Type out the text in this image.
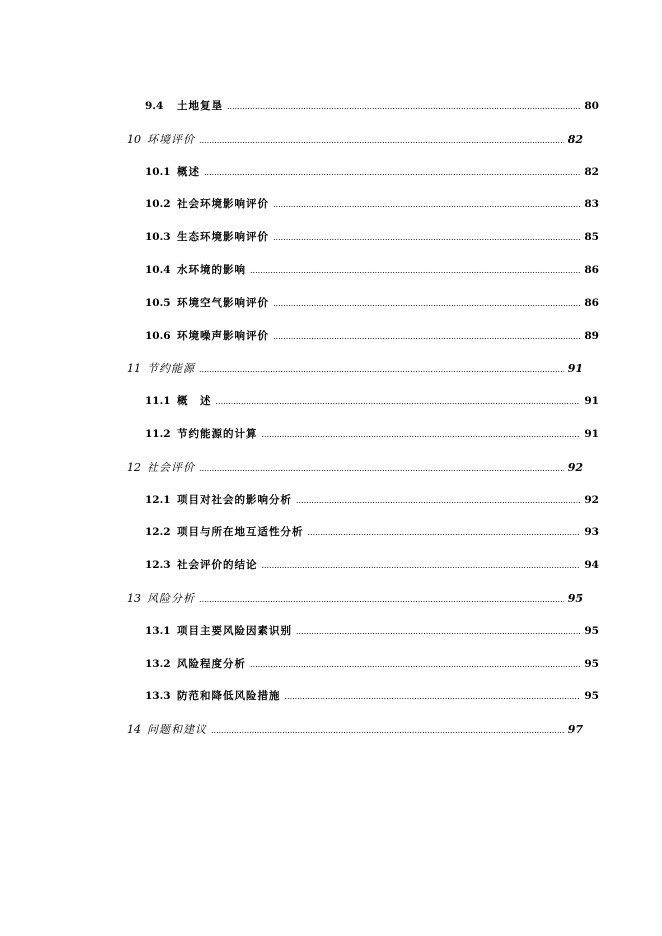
9.4	土地复垦 .....	80
10 环境评价 .....	82
10.1 概述 .....	82
10.2 社会环境影响评价 .....	83
10.3 生态环境影响评价 .....	85
10.4 水环境的影响 .....	86
10.5 环境空气影响评价 .....	86
10.6 环境噪声影响评价 .....	89
11 节约能源 .....	91
11.1 概　述 .....	91
11.2 节约能源的计算 .....	91
12 社会评价 .....	92
12.1 项目对社会的影响分析 .....	92
12.2 项目与所在地互适性分析 .....	93
12.3 社会评价的结论 .....	94
13 风险分析 .....	95
13.1 项目主要风险因素识别 .....	95
13.2 风险程度分析 .....	95
13.3 防范和降低风险措施 .....	95
14 问题和建议 .....	97
